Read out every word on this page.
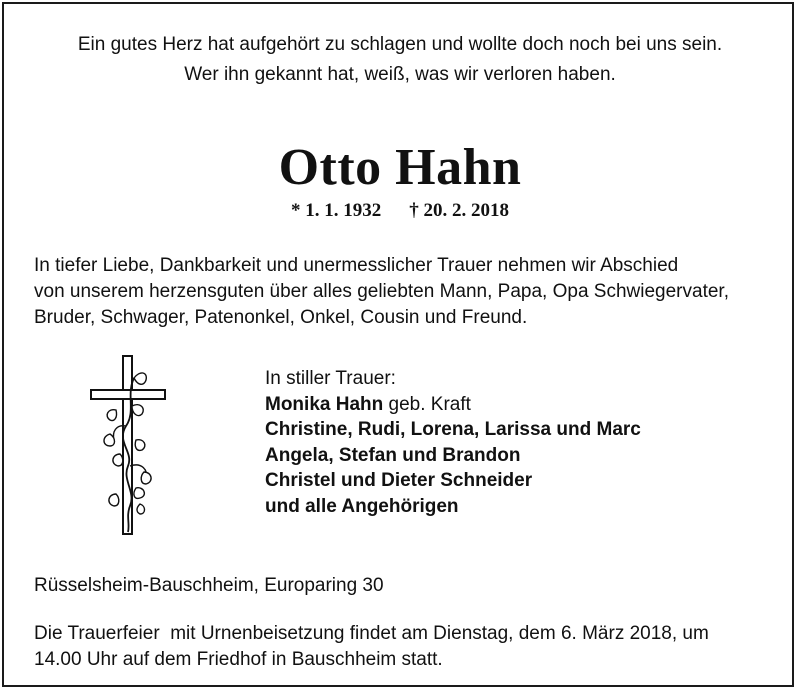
Ein gutes Herz hat aufgehört zu schlagen und wollte doch noch bei uns sein.
Wer ihn gekannt hat, weiß, was wir verloren haben.
Otto Hahn
* 1. 1. 1932 † 20. 2. 2018
In tiefer Liebe, Dankbarkeit und unermesslicher Trauer nehmen wir Abschied
von unserem herzensguten über alles geliebten Mann, Papa, Opa Schwiegervater,
Bruder, Schwager, Patenonkel, Onkel, Cousin und Freund.
In stiller Trauer:
Monika Hahn geb. Kraft
Christine, Rudi, Lorena, Larissa und Marc
Angela, Stefan und Brandon
Christel und Dieter Schneider
und alle Angehörigen
Rüsselsheim-Bauschheim, Europaring 30
Die Trauerfeier  mit Urnenbeisetzung findet am Dienstag, dem 6. März 2018, um
14.00 Uhr auf dem Friedhof in Bauschheim statt.
